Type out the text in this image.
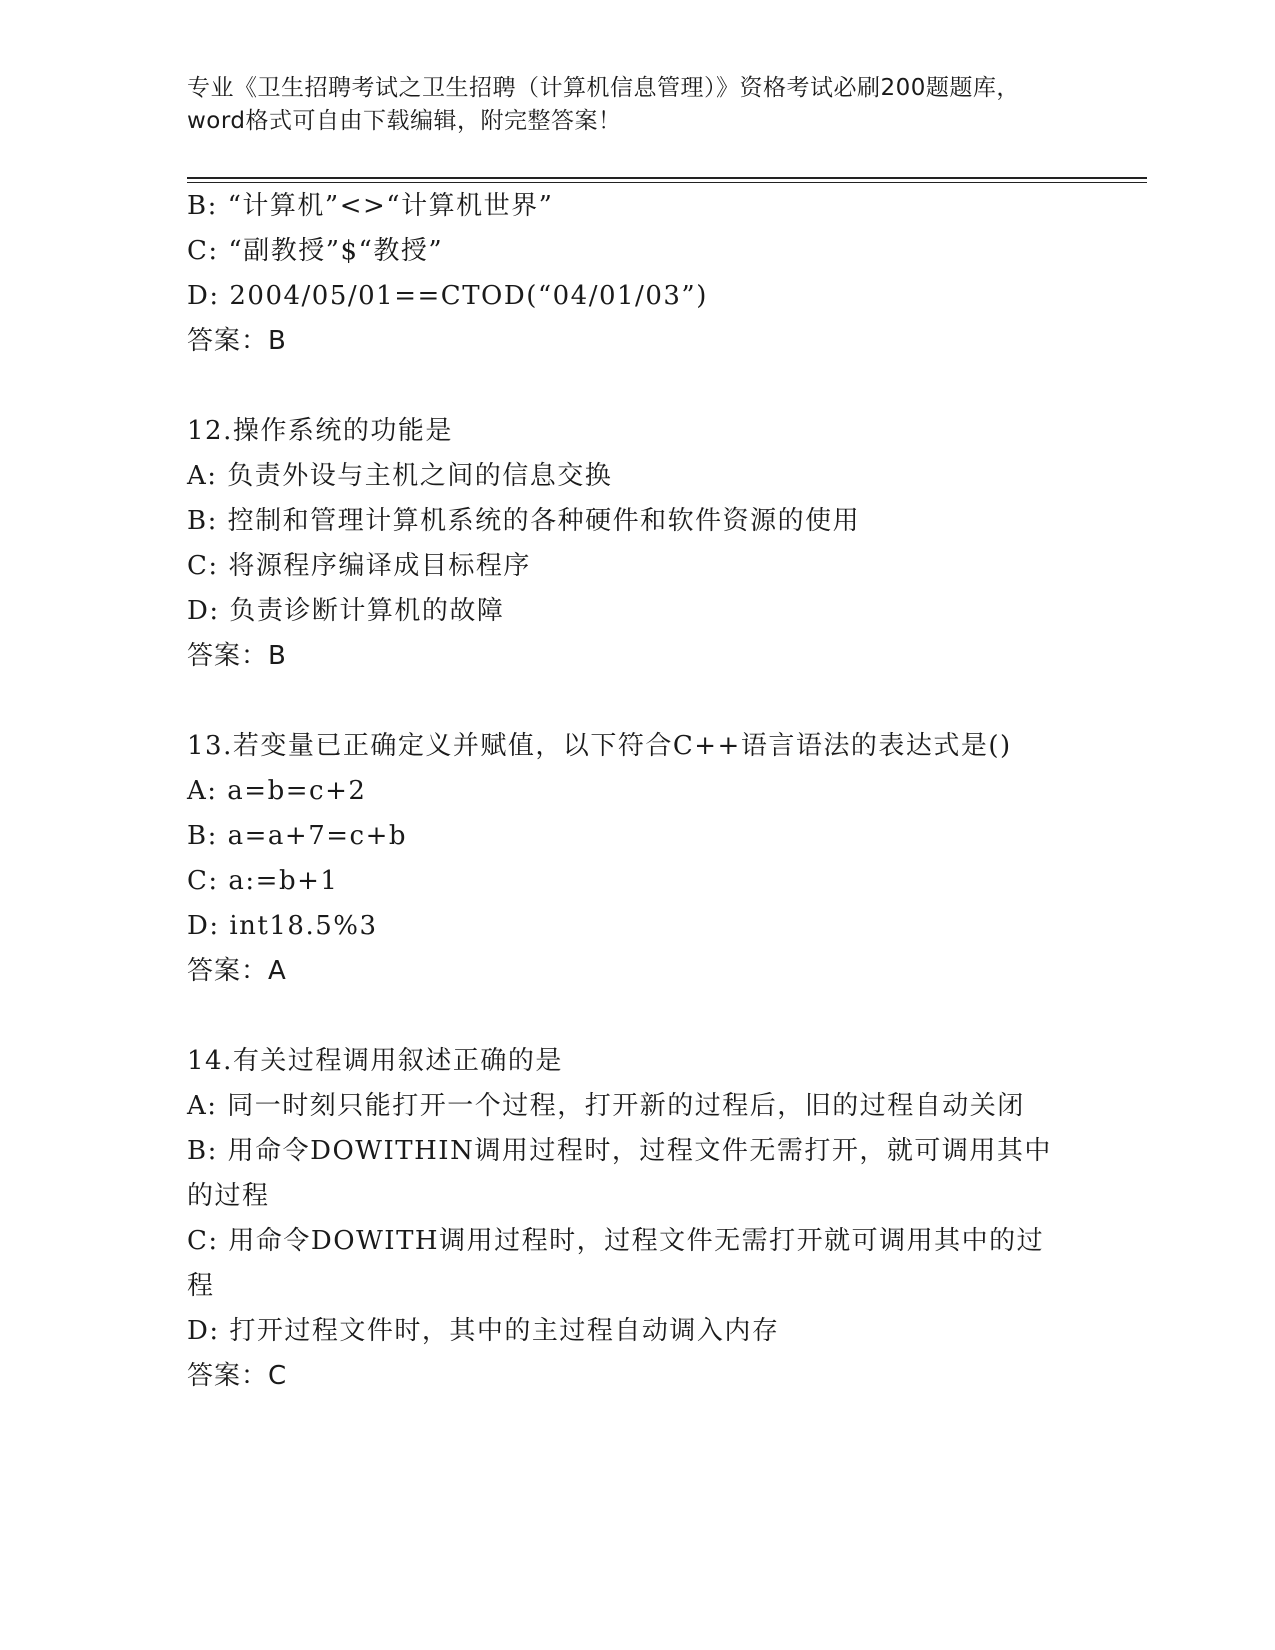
专业《卫生招聘考试之卫生招聘（计算机信息管理）》资格考试必刷200题题库，
word格式可自由下载编辑，附完整答案！
B: “计算机”<>“计算机世界”
C: “副教授”$“教授”
D: 2004/05/01==CTOD(“04/01/03”)
答案：B
12.操作系统的功能是
A: 负责外设与主机之间的信息交换
B: 控制和管理计算机系统的各种硬件和软件资源的使用
C: 将源程序编译成目标程序
D: 负责诊断计算机的故障
答案：B
13.若变量已正确定义并赋值，以下符合C++语言语法的表达式是()
A: a=b=c+2
B: a=a+7=c+b
C: a:=b+1
D: int18.5%3
答案：A
14.有关过程调用叙述正确的是
A: 同一时刻只能打开一个过程，打开新的过程后，旧的过程自动关闭
B: 用命令DOWITHIN调用过程时，过程文件无需打开，就可调用其中
的过程
C: 用命令DOWITH调用过程时，过程文件无需打开就可调用其中的过
程
D: 打开过程文件时，其中的主过程自动调入内存
答案：C
